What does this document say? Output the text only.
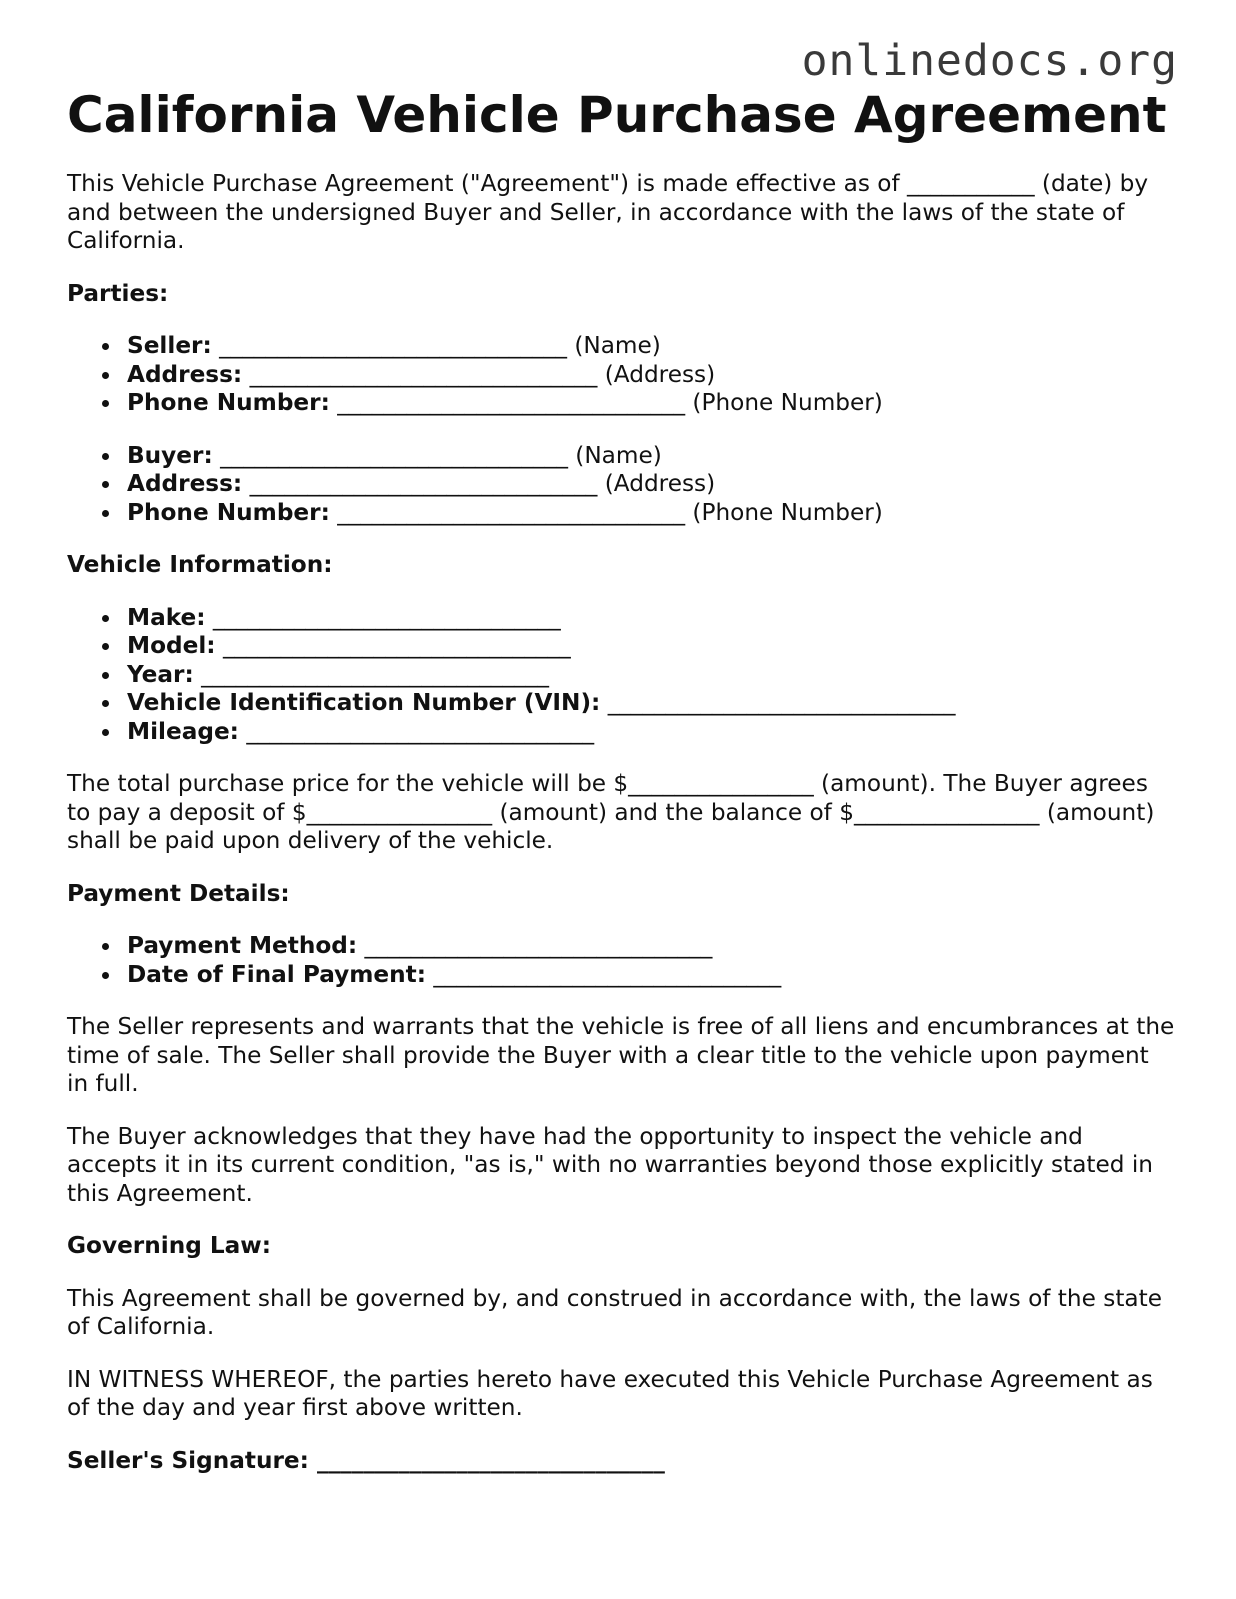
onlinedocs.org
California Vehicle Purchase Agreement

This Vehicle Purchase Agreement ("Agreement") is made effective as of ___________ (date) by and between the undersigned Buyer and Seller, in accordance with the laws of the state of California.

Parties:

Seller: ______________________________ (Name)
Address: ______________________________ (Address)
Phone Number: ______________________________ (Phone Number)
Buyer: ______________________________ (Name)
Address: ______________________________ (Address)
Phone Number: ______________________________ (Phone Number)

Vehicle Information:

Make: ______________________________
Model: ______________________________
Year: ______________________________
Vehicle Identification Number (VIN): ______________________________
Mileage: ______________________________

The total purchase price for the vehicle will be $________________ (amount). The Buyer agrees to pay a deposit of $________________ (amount) and the balance of $________________ (amount) shall be paid upon delivery of the vehicle.

Payment Details:

Payment Method: ______________________________
Date of Final Payment: ______________________________

The Seller represents and warrants that the vehicle is free of all liens and encumbrances at the time of sale. The Seller shall provide the Buyer with a clear title to the vehicle upon payment in full.

The Buyer acknowledges that they have had the opportunity to inspect the vehicle and accepts it in its current condition, "as is," with no warranties beyond those explicitly stated in this Agreement.

Governing Law:

This Agreement shall be governed by, and construed in accordance with, the laws of the state of California.

IN WITNESS WHEREOF, the parties hereto have executed this Vehicle Purchase Agreement as of the day and year first above written.

Seller's Signature: ______________________________
